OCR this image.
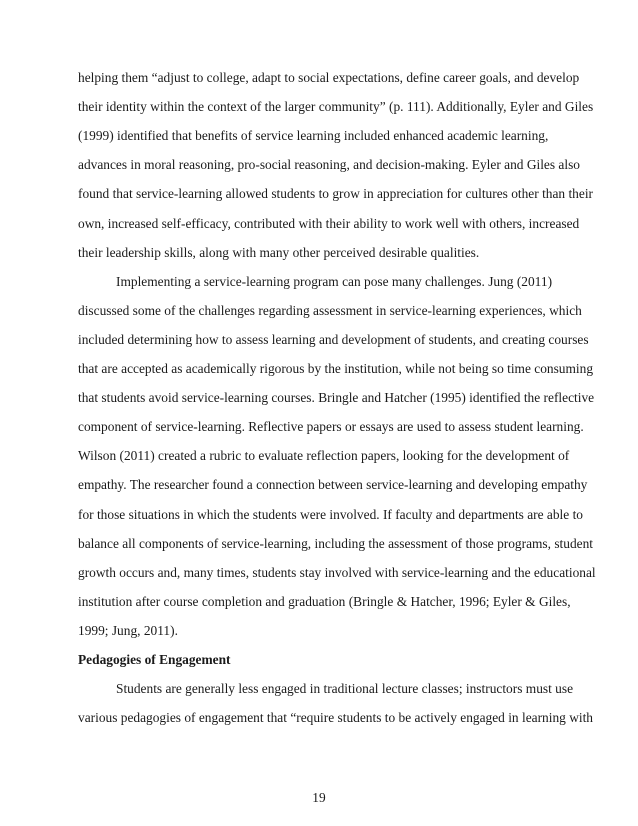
helping them “adjust to college, adapt to social expectations, define career goals, and develop
their identity within the context of the larger community” (p. 111). Additionally, Eyler and Giles
(1999) identified that benefits of service learning included enhanced academic learning,
advances in moral reasoning, pro-social reasoning, and decision-making. Eyler and Giles also
found that service-learning allowed students to grow in appreciation for cultures other than their
own, increased self-efficacy, contributed with their ability to work well with others, increased
their leadership skills, along with many other perceived desirable qualities.
Implementing a service-learning program can pose many challenges. Jung (2011)
discussed some of the challenges regarding assessment in service-learning experiences, which
included determining how to assess learning and development of students, and creating courses
that are accepted as academically rigorous by the institution, while not being so time consuming
that students avoid service-learning courses. Bringle and Hatcher (1995) identified the reflective
component of service-learning. Reflective papers or essays are used to assess student learning.
Wilson (2011) created a rubric to evaluate reflection papers, looking for the development of
empathy. The researcher found a connection between service-learning and developing empathy
for those situations in which the students were involved. If faculty and departments are able to
balance all components of service-learning, including the assessment of those programs, student
growth occurs and, many times, students stay involved with service-learning and the educational
institution after course completion and graduation (Bringle & Hatcher, 1996; Eyler & Giles,
1999; Jung, 2011).
Pedagogies of Engagement
Students are generally less engaged in traditional lecture classes; instructors must use
various pedagogies of engagement that “require students to be actively engaged in learning with
19
